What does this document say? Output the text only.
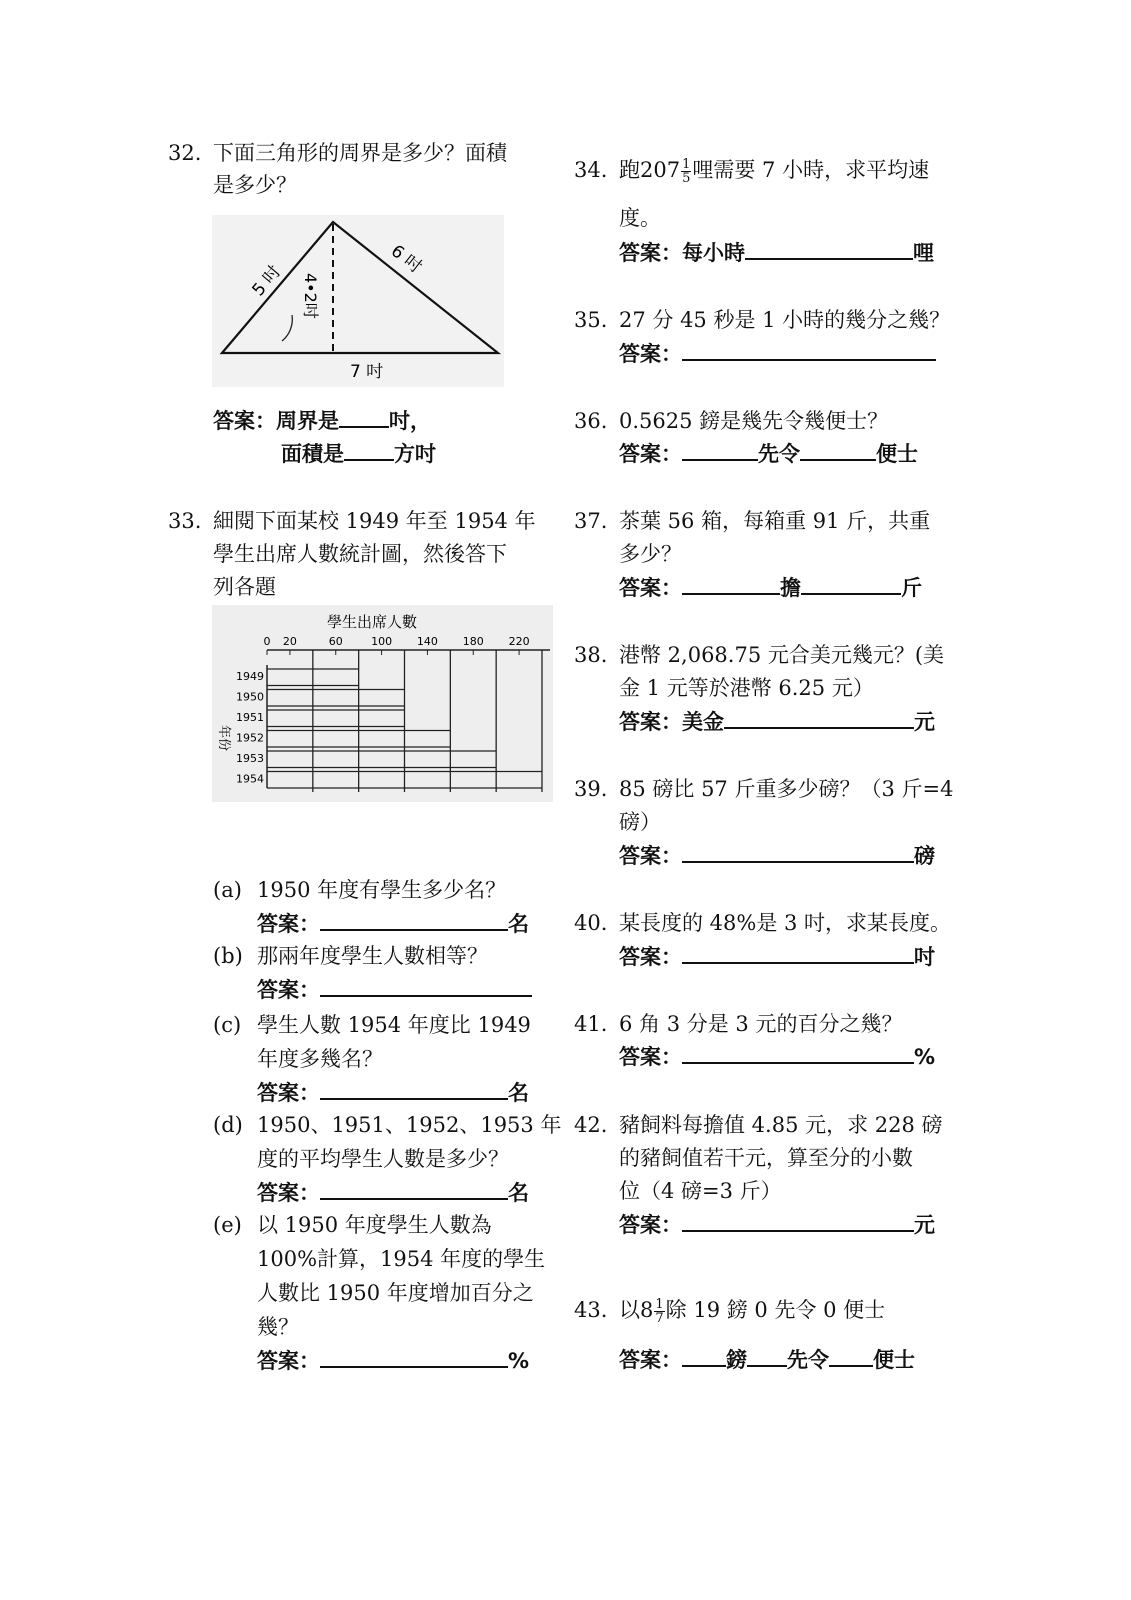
32. 下面三角形的周界是多少？面積
是多少？
5 吋
6 吋
4•2吋
7 吋
答案：周界是 吋，
面積是 方吋
33. 細閱下面某校 1949 年至 1954 年
學生出席人數統計圖，然後答下
列各題
學生出席人數
年份
0 20	60	100 140 180 220
1949
1950
1951
1952
1953
1954
(a) 1950 年度有學生多少名？
答案：	名
(b) 那兩年度學生人數相等？
答案：
(c) 學生人數 1954 年度比 1949
年度多幾名？
答案：	名
(d) 1950、1951、1952、1953 年
度的平均學生人數是多少？
答案：	名
(e) 以 1950 年度學生人數為
100%計算，1954 年度的學生
人數比 1950 年度增加百分之
幾？
答案：	%
34. 跑$207 \frac{1}{5}$ 哩需要 7 小時，求平均速
度。
答案：每小時	哩
35. 27 分 45 秒是 1 小時的幾分之幾？
答案：
36. 0.5625 鎊是幾先令幾便士？
答案：	先令	便士
37. 茶葉 56 箱，每箱重 91 斤，共重
多少？
答案：	擔	斤
38. 港幣 2,068.75 元合美元幾元？(美
金 1 元等於港幣 6.25 元）
答案：美金	元
39. 85 磅比 57 斤重多少磅？（3 斤=4
磅）
答案：	磅
40. 某長度的 48%是 3 吋，求某長度。
答案：	吋
41. 6 角 3 分是 3 元的百分之幾？
答案：	%
42. 豬飼料每擔值 4.85 元，求 228 磅
的豬飼值若干元，算至分的小數
位（4 磅=3 斤）
答案：	元
43. 以$8 \frac{1}{7}$ 除 19 鎊 0 先令 0 便士
答案： 鎊 先令 便士
